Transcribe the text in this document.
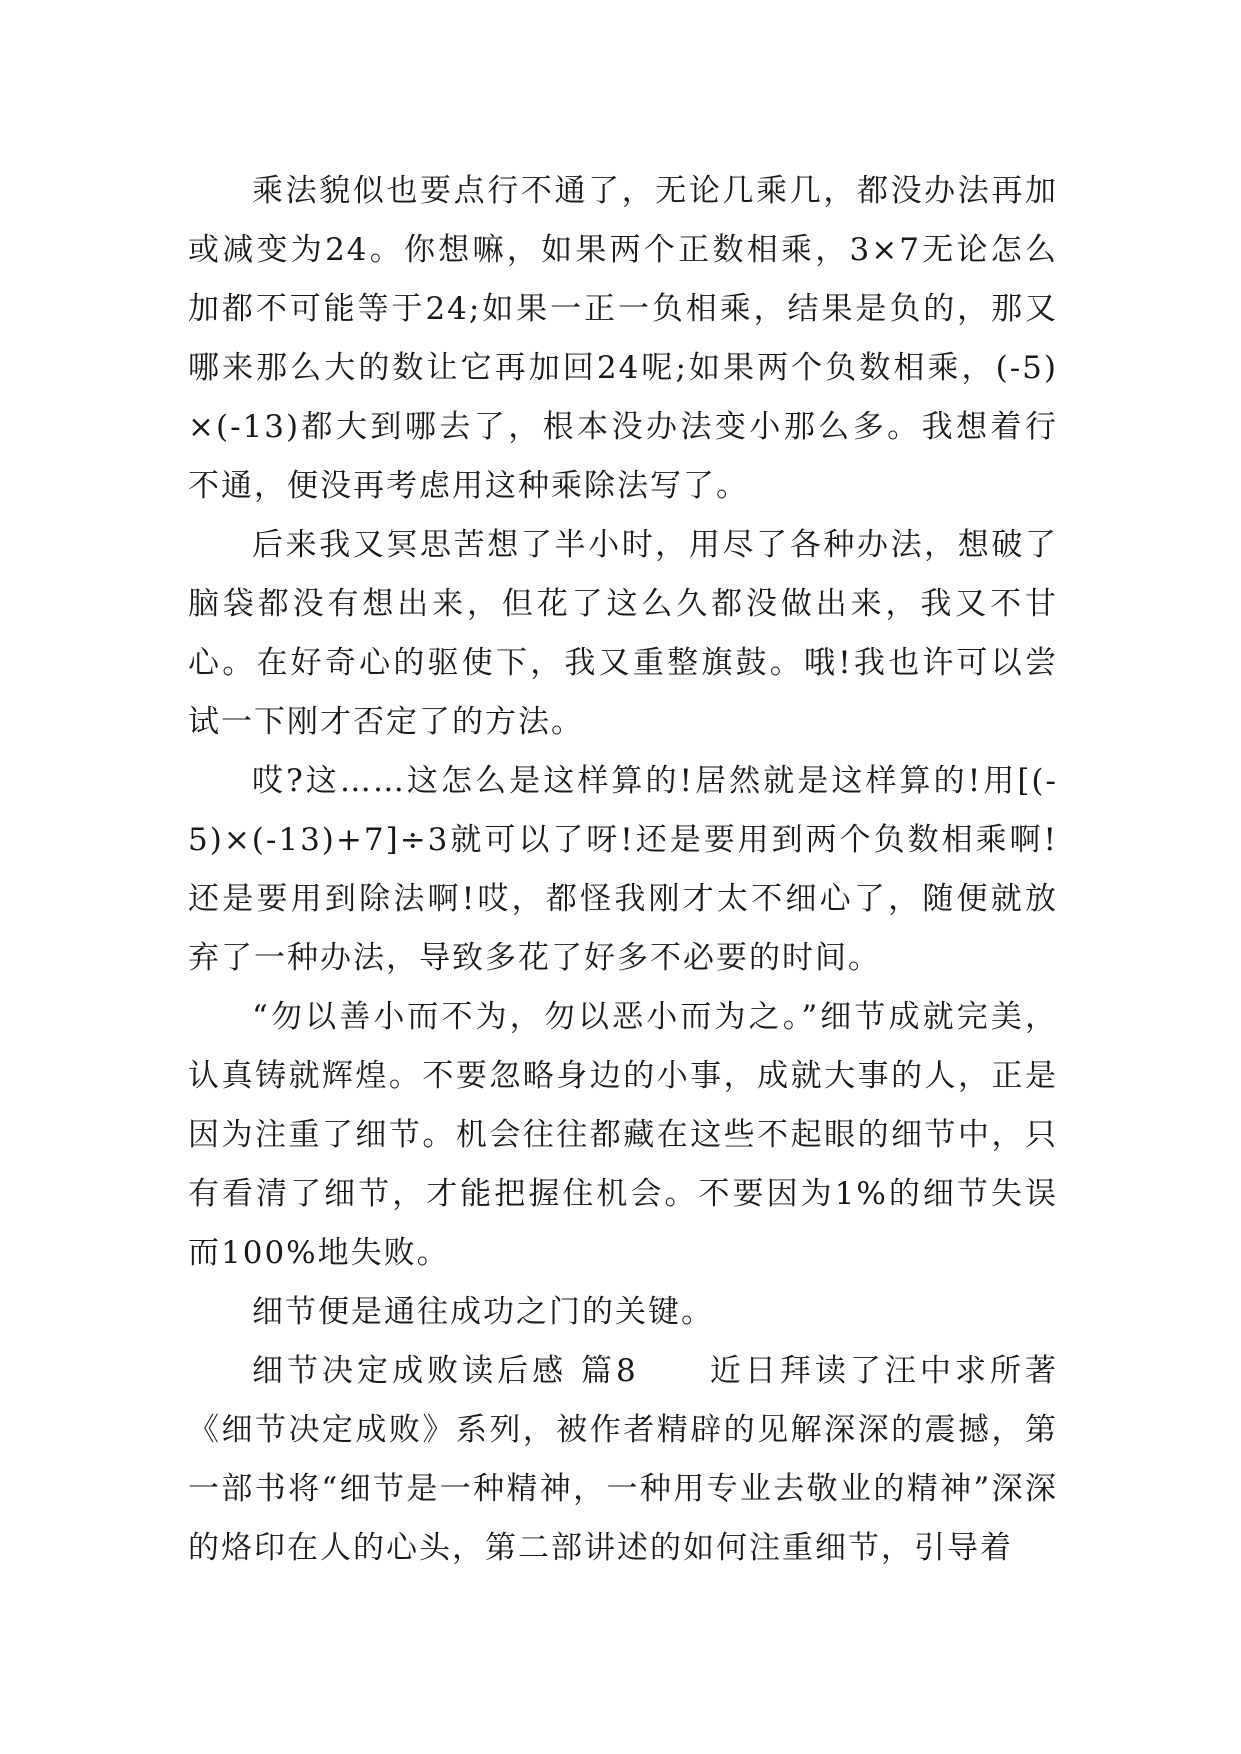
乘法貌似也要点行不通了，无论几乘几，都没办法再加或减变为24。你想嘛，如果两个正数相乘，3×7无论怎么加都不可能等于24;如果一正一负相乘，结果是负的，那又哪来那么大的数让它再加回24呢;如果两个负数相乘，(-5)×(-13)都大到哪去了，根本没办法变小那么多。我想着行不通，便没再考虑用这种乘除法写了。

后来我又冥思苦想了半小时，用尽了各种办法，想破了脑袋都没有想出来，但花了这么久都没做出来，我又不甘心。在好奇心的驱使下，我又重整旗鼓。哦!我也许可以尝试一下刚才否定了的方法。

哎?这……这怎么是这样算的!居然就是这样算的!用[(-5)×(-13)+7]÷3就可以了呀!还是要用到两个负数相乘啊!还是要用到除法啊!哎，都怪我刚才太不细心了，随便就放弃了一种办法，导致多花了好多不必要的时间。

“勿以善小而不为，勿以恶小而为之。”细节成就完美，认真铸就辉煌。不要忽略身边的小事，成就大事的人，正是因为注重了细节。机会往往都藏在这些不起眼的细节中，只有看清了细节，才能把握住机会。不要因为1%的细节失误而100%地失败。

细节便是通往成功之门的关键。

细节决定成败读后感 篇8　　近日拜读了汪中求所著《细节决定成败》系列，被作者精辟的见解深深的震撼，第一部书将“细节是一种精神，一种用专业去敬业的精神”深深的烙印在人的心头，第二部讲述的如何注重细节，引导着
